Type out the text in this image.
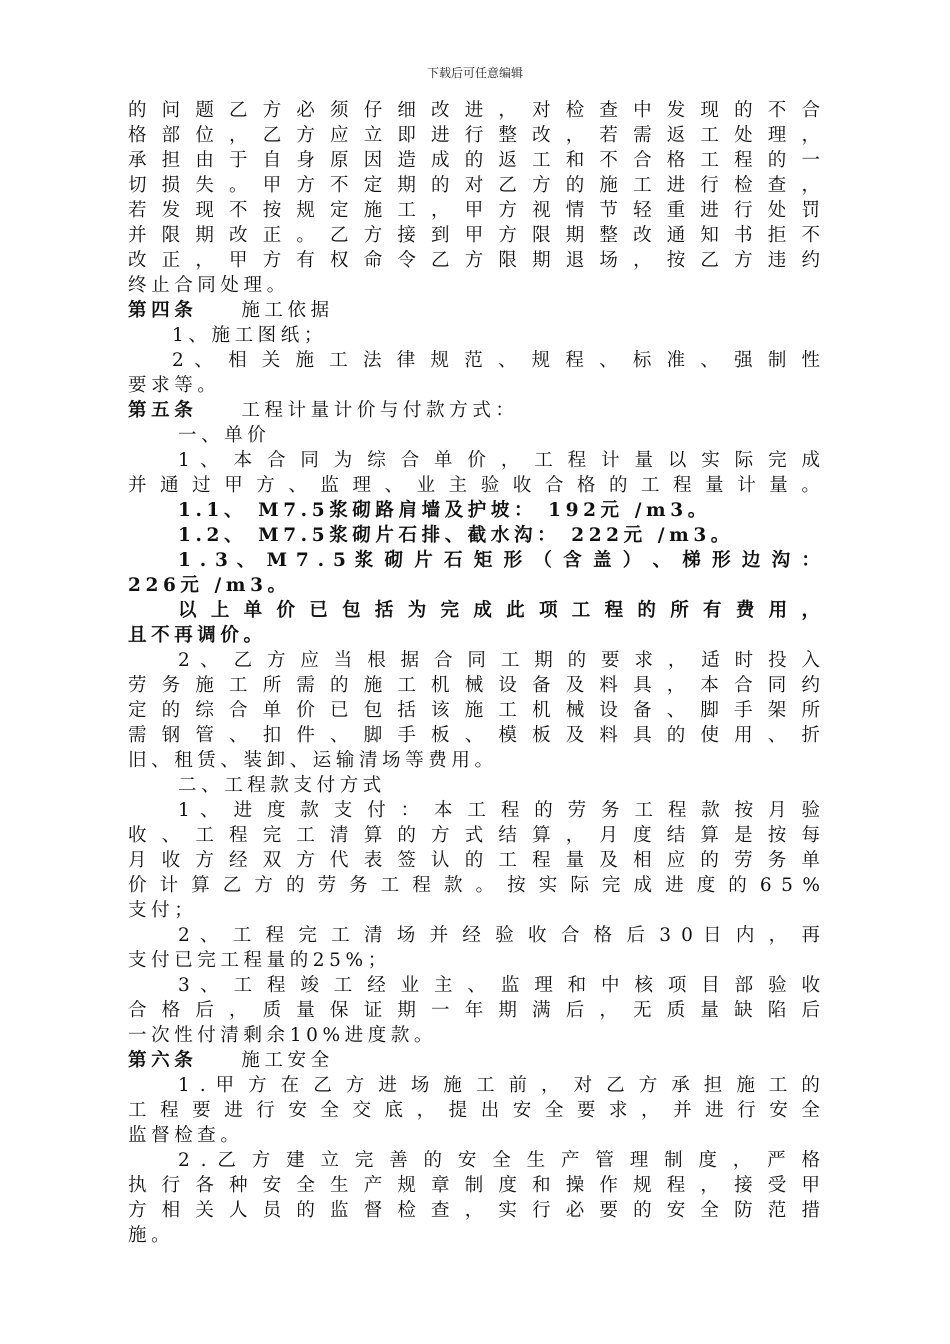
下载后可任意编辑
的 问 题 乙 方 必 须 仔 细 改 进 ， 对 检 查 中 发 现 的 不 合
格 部 位 ， 乙 方 应 立 即 进 行 整 改 ， 若 需 返 工 处 理 ，
承 担 由 于 自 身 原 因 造 成 的 返 工 和 不 合 格 工 程 的 一
切 损 失 。 甲 方 不 定 期 的 对 乙 方 的 施 工 进 行 检 查 ，
若 发 现 不 按 规 定 施 工 ， 甲 方 视 情 节 轻 重 进 行 处 罚
并 限 期 改 正 。 乙 方 接 到 甲 方 限 期 整 改 通 知 书 拒 不
改 正 ， 甲 方 有 权 命 令 乙 方 限 期 退 场 ， 按 乙 方 违 约
终止合同处理。
第四条 施工依据
1、施工图纸；
2 、 相 关 施 工 法 律 规 范 、 规 程 、 标 准 、 强 制 性
要求等。
第五条 工程计量计价与付款方式：
一、单价
1 、 本 合 同 为 综 合 单 价 ， 工 程 计 量 以 实 际 完 成
并 通 过 甲 方 、 监 理 、 业 主 验 收 合 格 的 工 程 量 计 量 。
1.1、 M7.5浆砌路肩墙及护坡： 192元 /m3。
1.2、 M7.5浆砌片石排、截水沟： 222元 /m3。
1 . 3 、 M 7 . 5 浆 砌 片 石 矩 形 （ 含 盖 ） 、 梯 形 边 沟 ：
226元 /m3。
以 上 单 价 已 包 括 为 完 成 此 项 工 程 的 所 有 费 用 ，
且不再调价。
2 、 乙 方 应 当 根 据 合 同 工 期 的 要 求 ， 适 时 投 入
劳 务 施 工 所 需 的 施 工 机 械 设 备 及 料 具 ， 本 合 同 约
定 的 综 合 单 价 已 包 括 该 施 工 机 械 设 备 、 脚 手 架 所
需 钢 管 、 扣 件 、 脚 手 板 、 模 板 及 料 具 的 使 用 、 折
旧、租赁、装卸、运输清场等费用。
二、工程款支付方式
1 、 进 度 款 支 付 ： 本 工 程 的 劳 务 工 程 款 按 月 验
收 、 工 程 完 工 清 算 的 方 式 结 算 ， 月 度 结 算 是 按 每
月 收 方 经 双 方 代 表 签 认 的 工 程 量 及 相 应 的 劳 务 单
价 计 算 乙 方 的 劳 务 工 程 款 。 按 实 际 完 成 进 度 的 6 5 %
支付；
2 、 工 程 完 工 清 场 并 经 验 收 合 格 后 3 0 日 内 ， 再
支付已完工程量的25%；
3 、 工 程 竣 工 经 业 主 、 监 理 和 中 核 项 目 部 验 收
合 格 后 ， 质 量 保 证 期 一 年 期 满 后 ， 无 质 量 缺 陷 后
一次性付清剩余10%进度款。
第六条 施工安全
1 . 甲 方 在 乙 方 进 场 施 工 前 ， 对 乙 方 承 担 施 工 的
工 程 要 进 行 安 全 交 底 ， 提 出 安 全 要 求 ， 并 进 行 安 全
监督检查。
2 . 乙 方 建 立 完 善 的 安 全 生 产 管 理 制 度 ， 严 格
执 行 各 种 安 全 生 产 规 章 制 度 和 操 作 规 程 ， 接 受 甲
方 相 关 人 员 的 监 督 检 查 ， 实 行 必 要 的 安 全 防 范 措
施。
